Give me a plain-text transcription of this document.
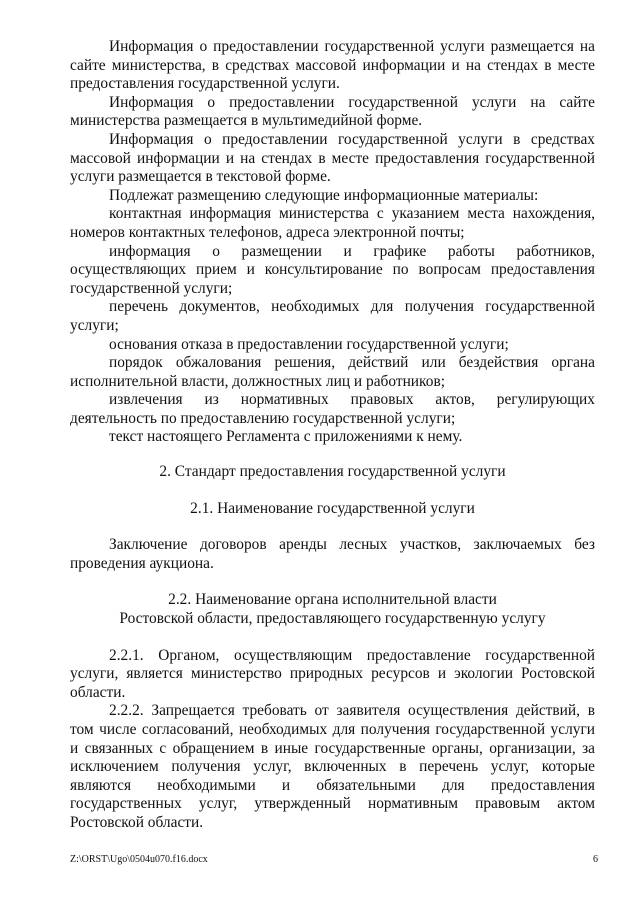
Информация о предоставлении государственной услуги размещается на сайте министерства, в средствах массовой информации и на стендах в месте предоставления государственной услуги.

Информация о предоставлении государственной услуги на сайте министерства размещается в мультимедийной форме.

Информация о предоставлении государственной услуги в средствах массовой информации и на стендах в месте предоставления государственной услуги размещается в текстовой форме.

Подлежат размещению следующие информационные материалы:

контактная информация министерства с указанием места нахождения, номеров контактных телефонов, адреса электронной почты;

информация о размещении и графике работы работников, осуществляющих прием и консультирование по вопросам предоставления государственной услуги;

перечень документов, необходимых для получения государственной услуги;

основания отказа в предоставлении государственной услуги;

порядок обжалования решения, действий или бездействия органа исполнительной власти, должностных лиц и работников;

извлечения из нормативных правовых актов, регулирующих деятельность по предоставлению государственной услуги;

текст настоящего Регламента с приложениями к нему.

2. Стандарт предоставления государственной услуги

2.1. Наименование государственной услуги

Заключение договоров аренды лесных участков, заключаемых без проведения аукциона.

2.2. Наименование органа исполнительной власти

Ростовской области, предоставляющего государственную услугу

2.2.1. Органом, осуществляющим предоставление государственной услуги, является министерство природных ресурсов и экологии Ростовской области.

2.2.2. Запрещается требовать от заявителя осуществления действий, в том числе согласований, необходимых для получения государственной услуги и связанных с обращением в иные государственные органы, организации, за исключением получения услуг, включенных в перечень услуг, которые являются необходимыми и обязательными для предоставления государственных услуг, утвержденный нормативным правовым актом Ростовской области.

Z:\ORST\Ugo\0504u070.f16.docx	6
